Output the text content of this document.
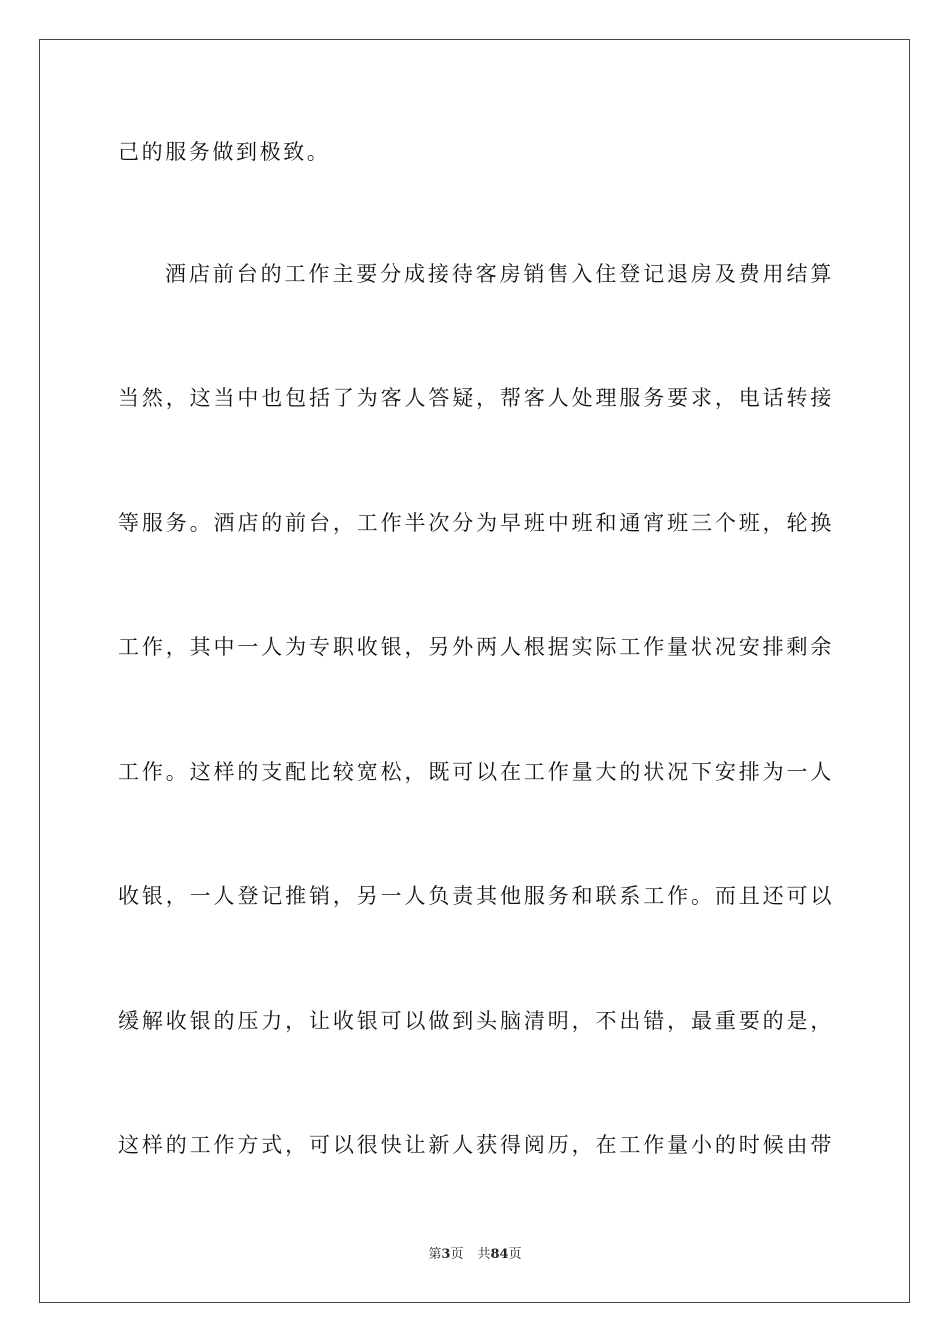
己的服务做到极致。
酒店前台的工作主要分成接待客房销售入住登记退房及费用结算
当然，这当中也包括了为客人答疑，帮客人处理服务要求，电话转接
等服务。酒店的前台，工作半次分为早班中班和通宵班三个班，轮换
工作，其中一人为专职收银，另外两人根据实际工作量状况安排剩余
工作。这样的支配比较宽松，既可以在工作量大的状况下安排为一人
收银，一人登记推销，另一人负责其他服务和联系工作。而且还可以
缓解收银的压力，让收银可以做到头脑清明，不出错，最重要的是，
这样的工作方式，可以很快让新人获得阅历，在工作量小的时候由带
第3页 共84页
